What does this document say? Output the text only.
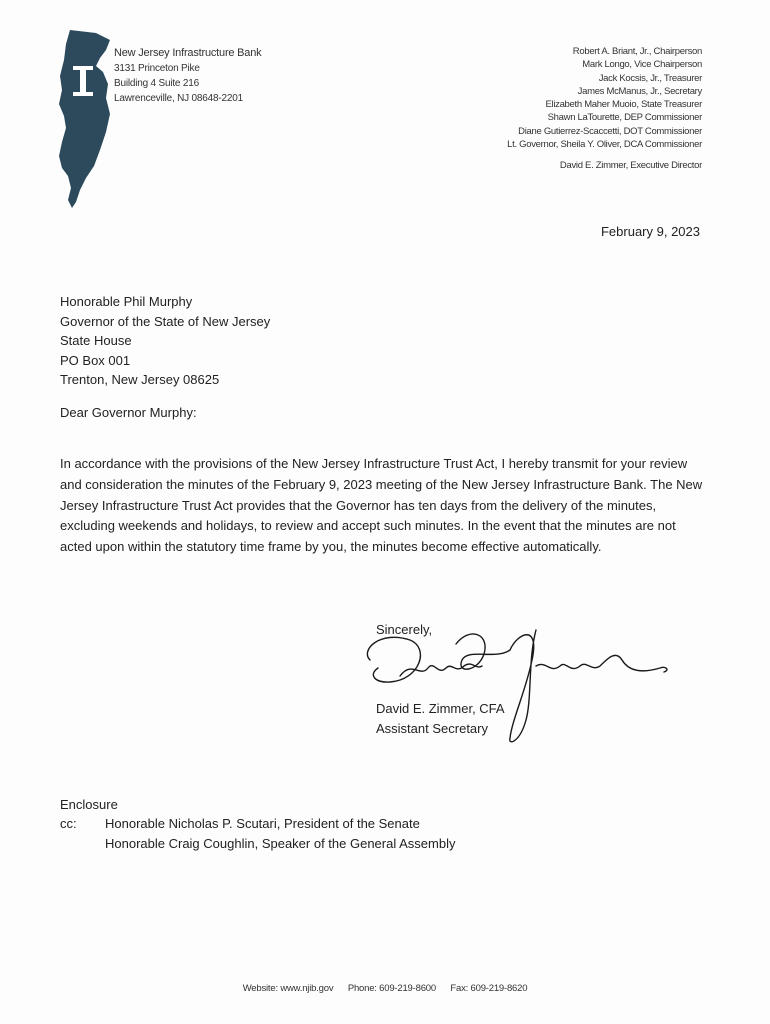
New Jersey Infrastructure Bank
3131 Princeton Pike
Building 4 Suite 216
Lawrenceville, NJ 08648-2201
Robert A. Briant, Jr., Chairperson
Mark Longo, Vice Chairperson
Jack Kocsis, Jr., Treasurer
James McManus, Jr., Secretary
Elizabeth Maher Muoio, State Treasurer
Shawn LaTourette, DEP Commissioner
Diane Gutierrez-Scaccetti, DOT Commissioner
Lt. Governor, Sheila Y. Oliver, DCA Commissioner
David E. Zimmer, Executive Director
February 9, 2023
Honorable Phil Murphy
Governor of the State of New Jersey
State House
PO Box 001
Trenton, New Jersey 08625
Dear Governor Murphy:
In accordance with the provisions of the New Jersey Infrastructure Trust Act, I hereby transmit for your review and consideration the minutes of the February 9, 2023 meeting of the New Jersey Infrastructure Bank. The New Jersey Infrastructure Trust Act provides that the Governor has ten days from the delivery of the minutes, excluding weekends and holidays, to review and accept such minutes. In the event that the minutes are not acted upon within the statutory time frame by you, the minutes become effective automatically.
Sincerely,
David E. Zimmer, CFA
Assistant Secretary
Enclosure
cc:	Honorable Nicholas P. Scutari, President of the Senate
Honorable Craig Coughlin, Speaker of the General Assembly
Website: www.njib.gov Phone: 609-219-8600 Fax: 609-219-8620
